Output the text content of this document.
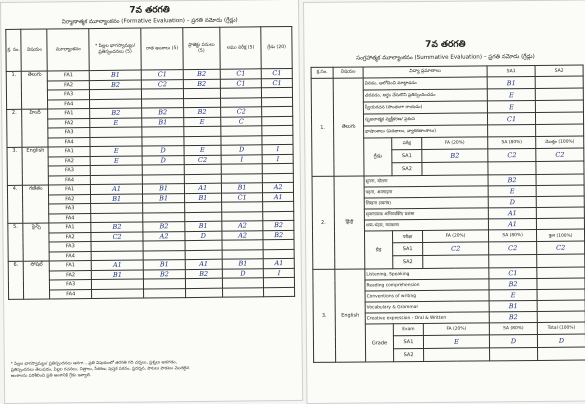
7వ తరగతి
నిర్మాణాత్మక మూల్యాంకనం (Formative Evaluation) – ప్రగతి నమోదు (గ్రేడ్లు)
క్ర. సం.	విషయం	మూల్యాంకనం	* పిల్లల భాగస్వామ్యం/ ప్రతిస్పందనలు (5)	రాత అంశాలు (5)	ప్రాజెక్టు పనులు (5)	లఘు పరీక్ష (5)	గ్రేడు (20)
1.	తెలుగు	FA1	B1	C1	B2	C1	C1
		FA2	B2	C2	B2	C1	C1
		FA3					
		FA4					
2.	హిందీ	FA1	B2	B2	B2	C2	
		FA2	E	B1	E	C	
		FA3					
		FA4					
3.	English	FA1	E	D	E	D	I
		FA2	E	D	C2	I	I
		FA3					
		FA4					
4.	గణితం	FA1	A1	B1	A1	B1	A2
		FA2	B1	B1	B1	C1	A1
		FA3					
		FA4					
5.	సైన్స్	FA1	B2	B2	B1	A2	B2
		FA2	C2	A2	D	A2	B2
		FA3					
		FA4					
6.	సోషల్	FA1	A1	B1	A1	B1	A1
		FA2	B1	B2	B2	D	I
		FA3					
		FA4					
* పిల్లల భాగస్వామ్యం/ ప్రతిస్పందనలు అనగా... ప్రతి విషయంలో తరగతి గది చర్చలు, ప్రశ్నలు అడగడం,
ప్రతిస్పందనలు తెలుపడం, పిల్లల రచనలు, చిత్రాలు, సేకరణ, పుస్తక పఠనం, ప్రదర్శన, పాటలు పాడటం మొదలైన
అంశాలను పరిశీలించి ప్రతి అంశానికి గ్రేడు ఇవ్వాలి.
7వ తరగతి
సంగ్రహాత్మక మూల్యాంకనం (Summative Evaluation) – ప్రగతి నమోదు (గ్రేడ్లు)
క్ర.సం.	విషయం	విద్యా ప్రమాణాలు			SA1	SA2
1.	తెలుగు	వినడం, ఆలోచించి మాట్లాడడం			B1	
		చదవడం, అర్థం చేసుకొని ప్రతిస్పందించడం			E	
		స్వీయరచన (సొంతంగా రాయడం)			E	
		సృజనాత్మక వ్యక్తీకరణ/ ప్రశంస			C1	
		భాషాంశాలు (పదజాలం, వ్యాకరణాంశాలు)				
		గ్రేడు	పరీక్ష	FA (20%)	SA (80%)	మొత్తం (100%)
			SA1	B2	C2	C2
			SA2			
2.	हिंदी	सुनना, बोलना			B2	
		पढ़ना, अवगाहना			E	
		लिखना (स्वतंत्र)			D	
		सृजनात्मक अभिव्यक्ति/ प्रशंसा			A1	
		शब्द-भंडार, व्याकरण			A1	
		ग्रेड	परीक्षा	FA (20%)	SA (80%)	कुल (100%)
			SA1	C2	C2	C2
			SA2			
3.	English	Listening, Speaking			C1	
		Reading comprehension			B2	
		Conventions of writing			E	
		Vocabulary & Grammar			B1	
		Creative expression - Oral & Written			B2	
		Grade	Exam	FA (20%)	SA (80%)	Total (100%)
			SA1	E	D	D
			SA2			
